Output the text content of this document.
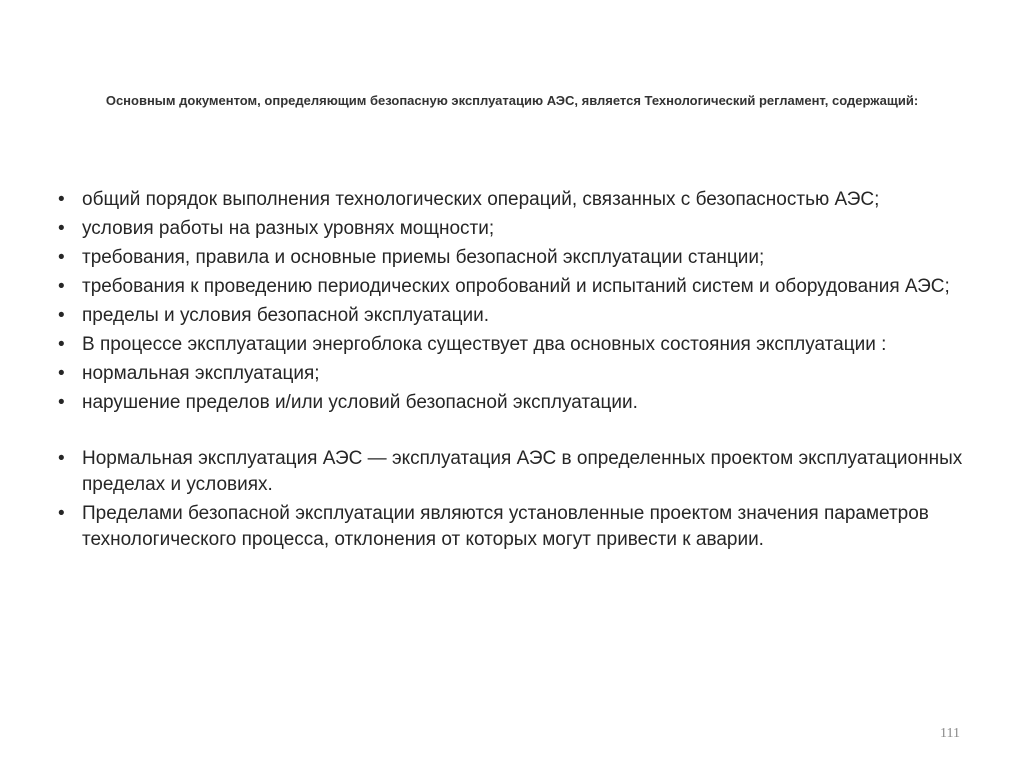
Основным документом, определяющим безопасную эксплуатацию АЭС, является Технологический регламент, содержащий:
• общий порядок выполнения технологических операций, связанных с безопасностью АЭС;
• условия работы на разных уровнях мощности;
• требования, правила и основные приемы безопасной эксплуатации станции;
• требования к проведению периодических опробований и испытаний систем и оборудования АЭС;
• пределы и условия безопасной эксплуатации.
• В процессе эксплуатации энергоблока существует два основных состояния эксплуатации :
• нормальная эксплуатация;
• нарушение пределов и/или условий безопасной эксплуатации.
• Нормальная эксплуатация АЭС — эксплуатация АЭС в определенных проектом эксплуатационных пределах и условиях.
• Пределами безопасной эксплуатации являются установленные проектом значения параметров технологического процесса, отклонения от которых могут привести к аварии.
111
